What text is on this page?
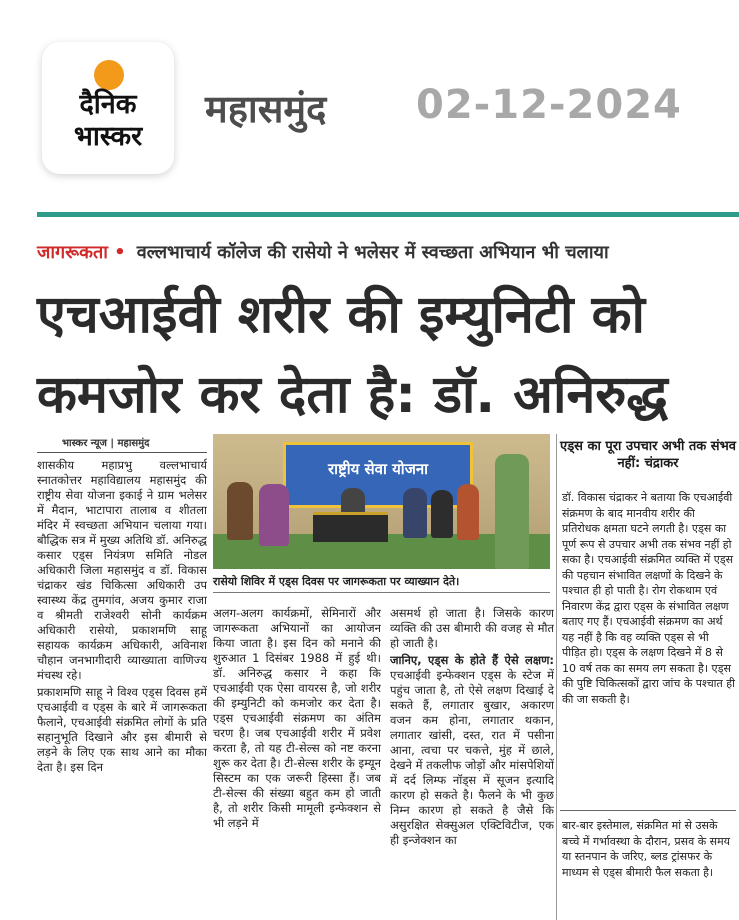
दैनिक
भास्कर
महासमुंद 02-12-2024
जागरूकता • वल्लभाचार्य कॉलेज की रासेयो ने भलेसर में स्वच्छता अभियान भी चलाया
एचआईवी शरीर की इम्युनिटी को
कमजोर कर देता है: डॉ. अनिरुद्ध
भास्कर न्यूज | महासमुंद

शासकीय महाप्रभु वल्लभाचार्य स्नातकोत्तर महाविद्यालय महासमुंद की राष्ट्रीय सेवा योजना इकाई ने ग्राम भलेसर में मैदान, भाटापारा तालाब व शीतला मंदिर में स्वच्छता अभियान चलाया गया। बौद्धिक सत्र में मुख्य अतिथि डॉ. अनिरुद्ध कसार एड्स नियंत्रण समिति नोडल अधिकारी जिला महासमुंद व डॉ. विकास चंद्राकर खंड चिकित्सा अधिकारी उप स्वास्थ्य केंद्र तुमगांव, अजय कुमार राजा व श्रीमती राजेश्वरी सोनी कार्यक्रम अधिकारी रासेयो, प्रकाशमणि साहू सहायक कार्यक्रम अधिकारी, अविनाश चौहान जनभागीदारी व्याख्याता वाणिज्य मंचस्थ रहे।

प्रकाशमणि साहू ने विश्व एड्स दिवस हमें एचआईवी व एड्स के बारे में जागरूकता फैलाने, एचआईवी संक्रमित लोगों के प्रति सहानुभूति दिखाने और इस बीमारी से लड़ने के लिए एक साथ आने का मौका देता है। इस दिन

राष्ट्रीय सेवा योजना
रासेयो शिविर में एड्स दिवस पर जागरूकता पर व्याख्यान देते।

अलग-अलग कार्यक्रमों, सेमिनारों और जागरूकता अभियानों का आयोजन किया जाता है। इस दिन को मनाने की शुरुआत 1 दिसंबर 1988 में हुई थी। डॉ. अनिरुद्ध कसार ने कहा कि एचआईवी एक ऐसा वायरस है, जो शरीर की इम्युनिटी को कमजोर कर देता है। एड्स एचआईवी संक्रमण का अंतिम चरण है। जब एचआईवी शरीर में प्रवेश करता है, तो यह टी-सेल्स को नष्ट करना शुरू कर देता है। टी-सेल्स शरीर के इम्यून सिस्टम का एक जरूरी हिस्सा हैं। जब टी-सेल्स की संख्या बहुत कम हो जाती है, तो शरीर किसी मामूली इन्फेक्शन से भी लड़ने में

असमर्थ हो जाता है। जिसके कारण व्यक्ति की उस बीमारी की वजह से मौत हो जाती है।

जानिए, एड्स के होते हैं ऐसे लक्षण: एचआईवी इन्फेक्शन एड्स के स्टेज में पहुंच जाता है, तो ऐसे लक्षण दिखाई दे सकते हैं, लगातार बुखार, अकारण वजन कम होना, लगातार थकान, लगातार खांसी, दस्त, रात में पसीना आना, त्वचा पर चकत्ते, मुंह में छाले, देखने में तकलीफ जोड़ों और मांसपेशियों में दर्द लिम्फ नॉड्स में सूजन इत्यादि कारण हो सकते है। फैलने के भी कुछ निम्न कारण हो सकते है जैसे कि असुरक्षित सेक्सुअल एक्टिविटीज, एक ही इन्जेक्शन का

एड्स का पूरा उपचार अभी तक संभव नहीं: चंद्राकर
डॉ. विकास चंद्राकर ने बताया कि एचआईवी संक्रमण के बाद मानवीय शरीर की प्रतिरोधक क्षमता घटने लगती है। एड्स का पूर्ण रूप से उपचार अभी तक संभव नहीं हो सका है। एचआईवी संक्रमित व्यक्ति में एड्स की पहचान संभावित लक्षणों के दिखने के पश्चात ही हो पाती है। रोग रोकथाम एवं निवारण केंद्र द्वारा एड्स के संभावित लक्षण बताए गए हैं। एचआईवी संक्रमण का अर्थ यह नहीं है कि वह व्यक्ति एड्स से भी पीड़ित हो। एड्स के लक्षण दिखने में 8 से 10 वर्ष तक का समय लग सकता है। एड्स की पुष्टि चिकित्सकों द्वारा जांच के पश्चात ही की जा सकती है।
बार-बार इस्तेमाल, संक्रमित मां से उसके बच्चे में गर्भावस्था के दौरान, प्रसव के समय या स्तनपान के जरिए, ब्लड ट्रांसफर के माध्यम से एड्स बीमारी फैल सकता है।
